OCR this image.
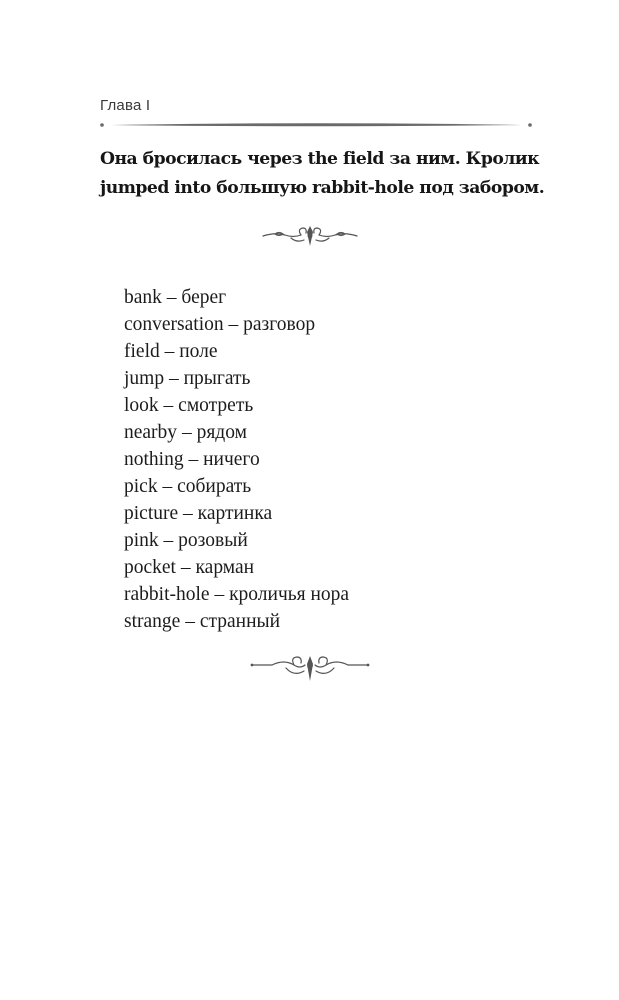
Глава I
Она бросилась через the field за ним. Кролик
jumped into большую rabbit-hole под забором.
bank – берег
conversation – разговор
field – поле
jump – прыгать
look – смотреть
nearby – рядом
nothing – ничего
pick – собирать
picture – картинка
pink – розовый
pocket – карман
rabbit-hole – кроличья нора
strange – странный
